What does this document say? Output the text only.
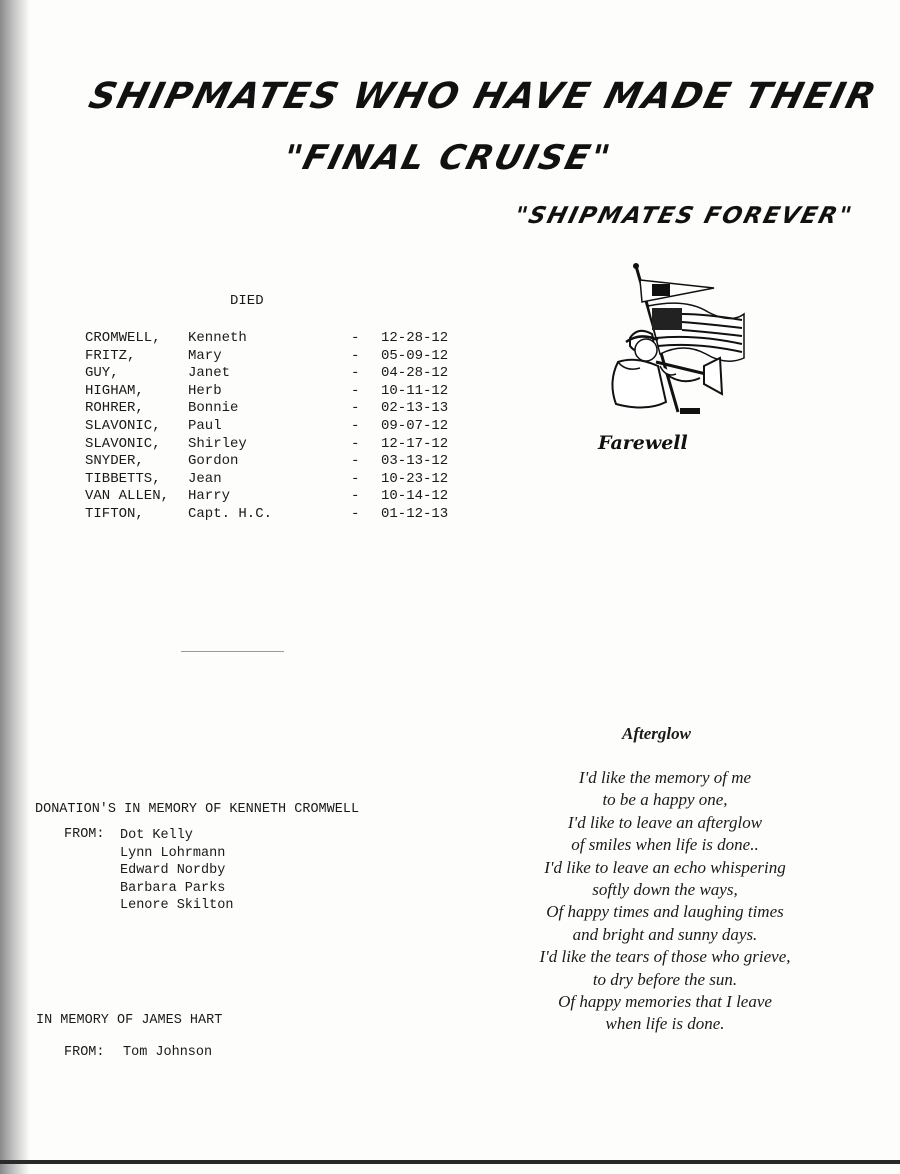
SHIPMATES WHO HAVE MADE THEIR
"FINAL CRUISE"
"SHIPMATES FOREVER"
DIED
CROMWELL, Kenneth	- 12-28-12
FRITZ,	Mary	- 05-09-12
GUY,	Janet	- 04-28-12
HIGHAM,	Herb	- 10-11-12
ROHRER,	Bonnie	- 02-13-13
SLAVONIC, Paul	- 09-07-12
SLAVONIC, Shirley	- 12-17-12
SNYDER,	Gordon	- 03-13-12
TIBBETTS, Jean	- 10-23-12
VAN ALLEN, Harry	- 10-14-12
TIFTON,	Capt. H.C.	- 01-12-13
Farewell
Afterglow
I'd like the memory of me
to be a happy one,
I'd like to leave an afterglow
of smiles when life is done..
I'd like to leave an echo whispering
softly down the ways,
Of happy times and laughing times
and bright and sunny days.
I'd like the tears of those who grieve,
to dry before the sun.
Of happy memories that I leave
when life is done.
DONATION'S IN MEMORY OF KENNETH CROMWELL
FROM: Dot Kelly
Lynn Lohrmann
Edward Nordby
Barbara Parks
Lenore Skilton
IN MEMORY OF JAMES HART
FROM: Tom Johnson
